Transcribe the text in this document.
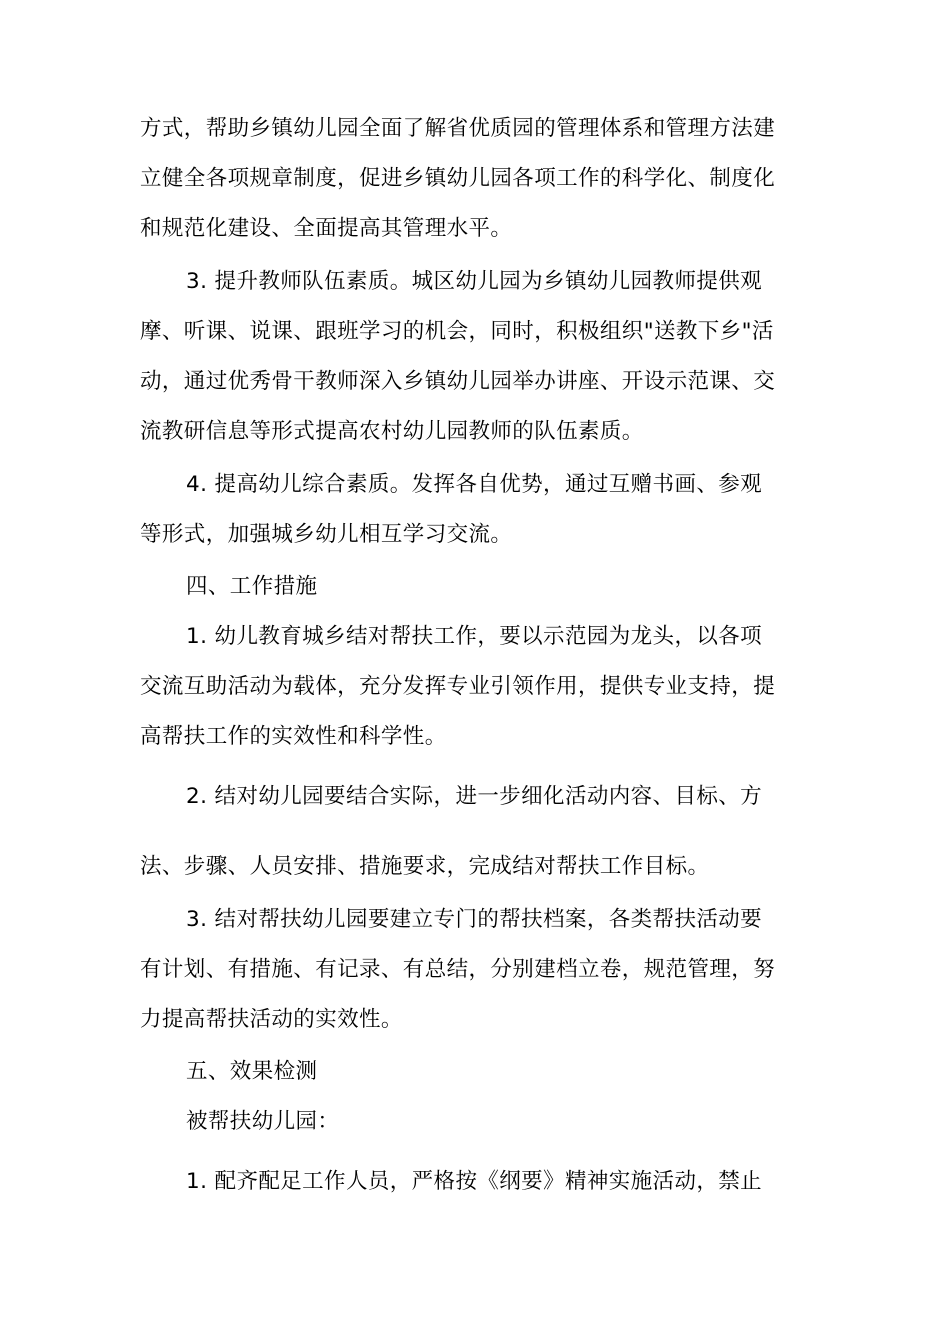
方式，帮助乡镇幼儿园全面了解省优质园的管理体系和管理方法建
立健全各项规章制度，促进乡镇幼儿园各项工作的科学化、制度化
和规范化建设、全面提高其管理水平。
3. 提升教师队伍素质。城区幼儿园为乡镇幼儿园教师提供观
摩、听课、说课、跟班学习的机会，同时，积极组织"送教下乡"活
动，通过优秀骨干教师深入乡镇幼儿园举办讲座、开设示范课、交
流教研信息等形式提高农村幼儿园教师的队伍素质。
4. 提高幼儿综合素质。发挥各自优势，通过互赠书画、参观
等形式，加强城乡幼儿相互学习交流。
四、工作措施
1. 幼儿教育城乡结对帮扶工作，要以示范园为龙头，以各项
交流互助活动为载体，充分发挥专业引领作用，提供专业支持，提
高帮扶工作的实效性和科学性。
2. 结对幼儿园要结合实际，进一步细化活动内容、目标、方
法、步骤、人员安排、措施要求，完成结对帮扶工作目标。
3. 结对帮扶幼儿园要建立专门的帮扶档案，各类帮扶活动要
有计划、有措施、有记录、有总结，分别建档立卷，规范管理，努
力提高帮扶活动的实效性。
五、效果检测
被帮扶幼儿园：
1. 配齐配足工作人员，严格按《纲要》精神实施活动，禁止
